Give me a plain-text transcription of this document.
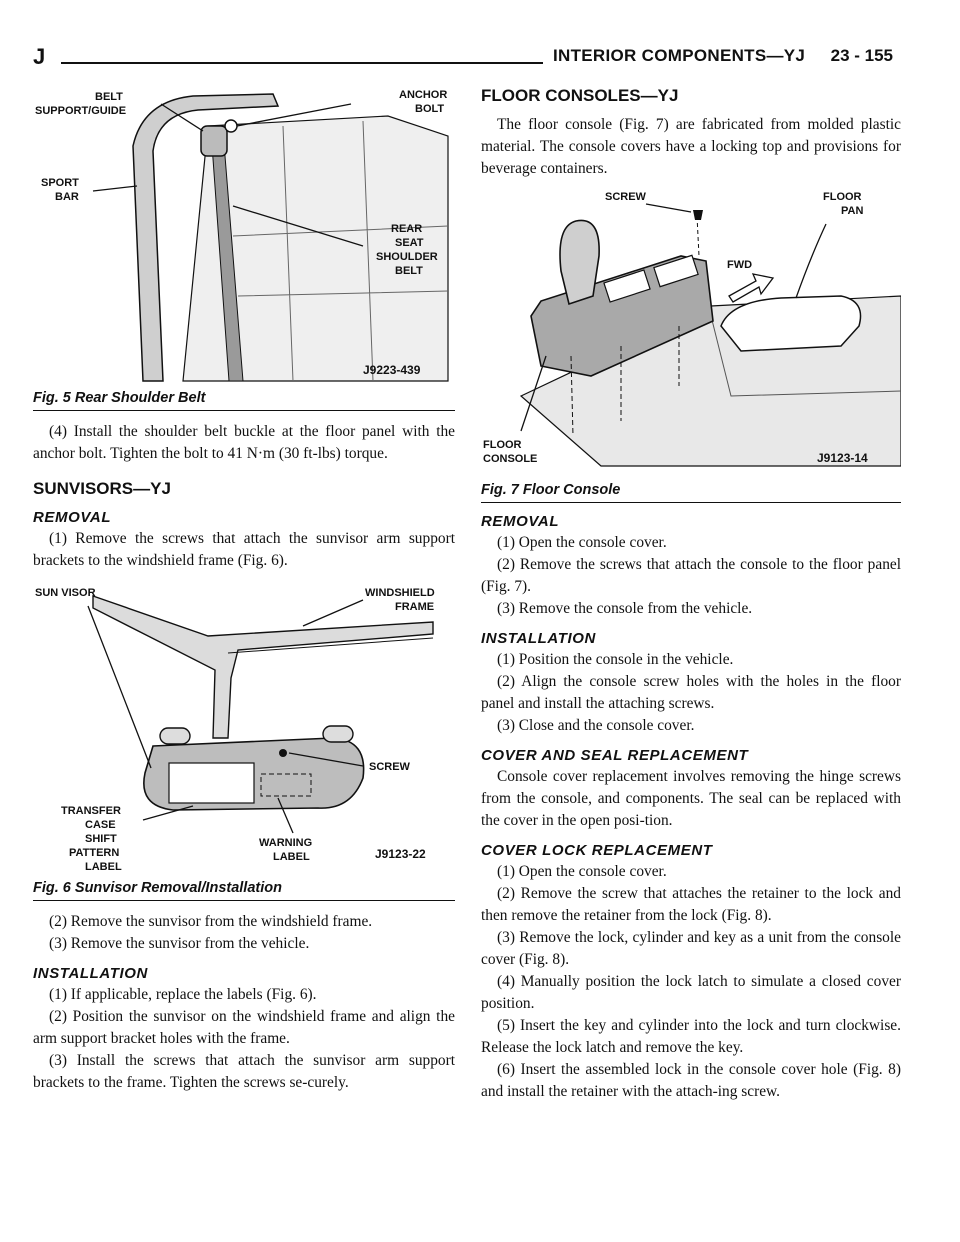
J	INTERIOR COMPONENTS—YJ 23 - 155
BELT
SUPPORT/GUIDE
ANCHOR
BOLT
SPORT
BAR
REAR
SEAT
SHOULDER
BELT
J9223-439
Fig. 5 Rear Shoulder Belt

(4) Install the shoulder belt buckle at the floor panel with the anchor bolt. Tighten the bolt to 41 N·m (30 ft-lbs) torque.

SUNVISORS—YJ
REMOVAL

(1) Remove the screws that attach the sunvisor arm support brackets to the windshield frame (Fig. 6).

SUN VISOR	WINDSHIELD
FRAME
SCREW
TRANSFER
CASE
SHIFT
PATTERN
LABEL
WARNING
LABEL	J9123-22
Fig. 6 Sunvisor Removal/Installation

(2) Remove the sunvisor from the windshield frame.

(3) Remove the sunvisor from the vehicle.

INSTALLATION

(1) If applicable, replace the labels (Fig. 6).

(2) Position the sunvisor on the windshield frame and align the arm support bracket holes with the frame.

(3) Install the screws that attach the sunvisor arm support brackets to the frame. Tighten the screws se-curely.

FLOOR CONSOLES—YJ

The floor console (Fig. 7) are fabricated from molded plastic material. The console covers have a locking top and provisions for beverage containers.

SCREW	FLOOR
PAN
FWD
FLOOR
CONSOLE	J9123-14
Fig. 7 Floor Console
REMOVAL

(1) Open the console cover.

(2) Remove the screws that attach the console to the floor panel (Fig. 7).

(3) Remove the console from the vehicle.

INSTALLATION

(1) Position the console in the vehicle.

(2) Align the console screw holes with the holes in the floor panel and install the attaching screws.

(3) Close and the console cover.

COVER AND SEAL REPLACEMENT

Console cover replacement involves removing the hinge screws from the console, and components. The seal can be replaced with the cover in the open posi-tion.

COVER LOCK REPLACEMENT

(1) Open the console cover.

(2) Remove the screw that attaches the retainer to the lock and then remove the retainer from the lock (Fig. 8).

(3) Remove the lock, cylinder and key as a unit from the console cover (Fig. 8).

(4) Manually position the lock latch to simulate a closed cover position.

(5) Insert the key and cylinder into the lock and turn clockwise. Release the lock latch and remove the key.

(6) Insert the assembled lock in the console cover hole (Fig. 8) and install the retainer with the attach-ing screw.
